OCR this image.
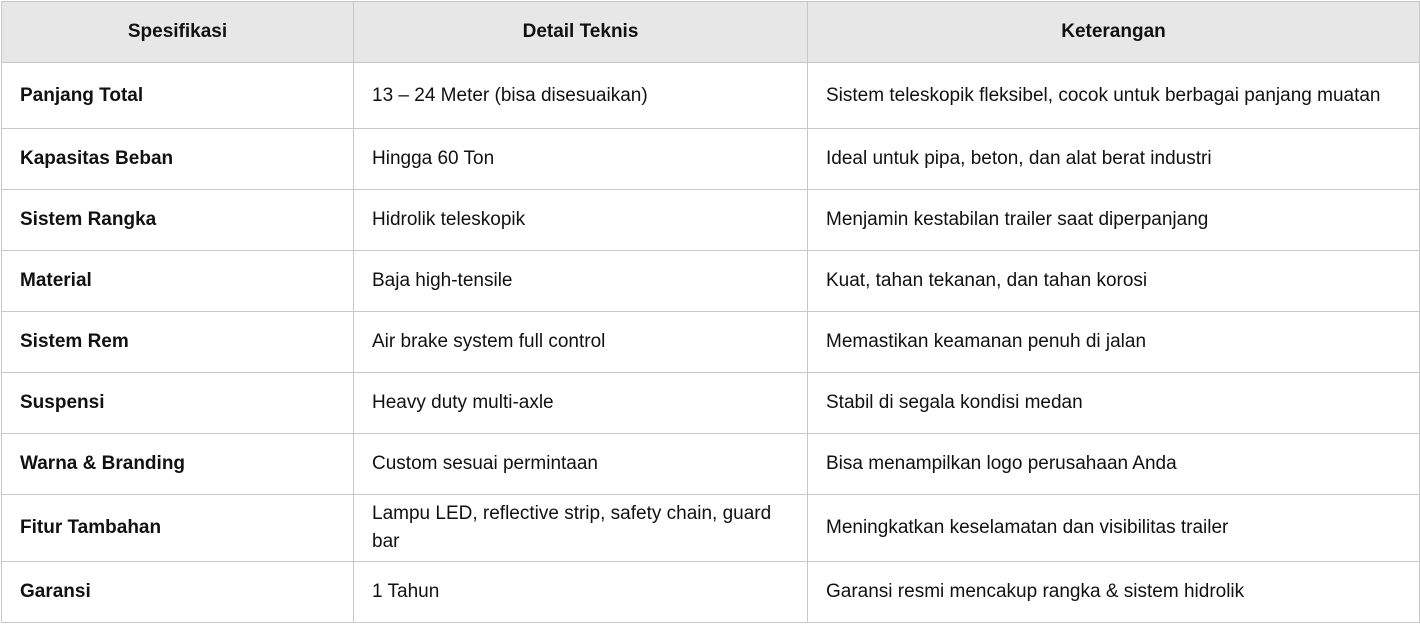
Spesifikasi	Detail Teknis	Keterangan
Panjang Total	13 – 24 Meter (bisa disesuaikan)	Sistem teleskopik fleksibel, cocok untuk berbagai panjang muatan
Kapasitas Beban	Hingga 60 Ton	Ideal untuk pipa, beton, dan alat berat industri
Sistem Rangka	Hidrolik teleskopik	Menjamin kestabilan trailer saat diperpanjang
Material	Baja high-tensile	Kuat, tahan tekanan, dan tahan korosi
Sistem Rem	Air brake system full control	Memastikan keamanan penuh di jalan
Suspensi	Heavy duty multi-axle	Stabil di segala kondisi medan
Warna & Branding	Custom sesuai permintaan	Bisa menampilkan logo perusahaan Anda
Fitur Tambahan	Lampu LED, reflective strip, safety chain, guard bar	Meningkatkan keselamatan dan visibilitas trailer
Garansi	1 Tahun	Garansi resmi mencakup rangka & sistem hidrolik
